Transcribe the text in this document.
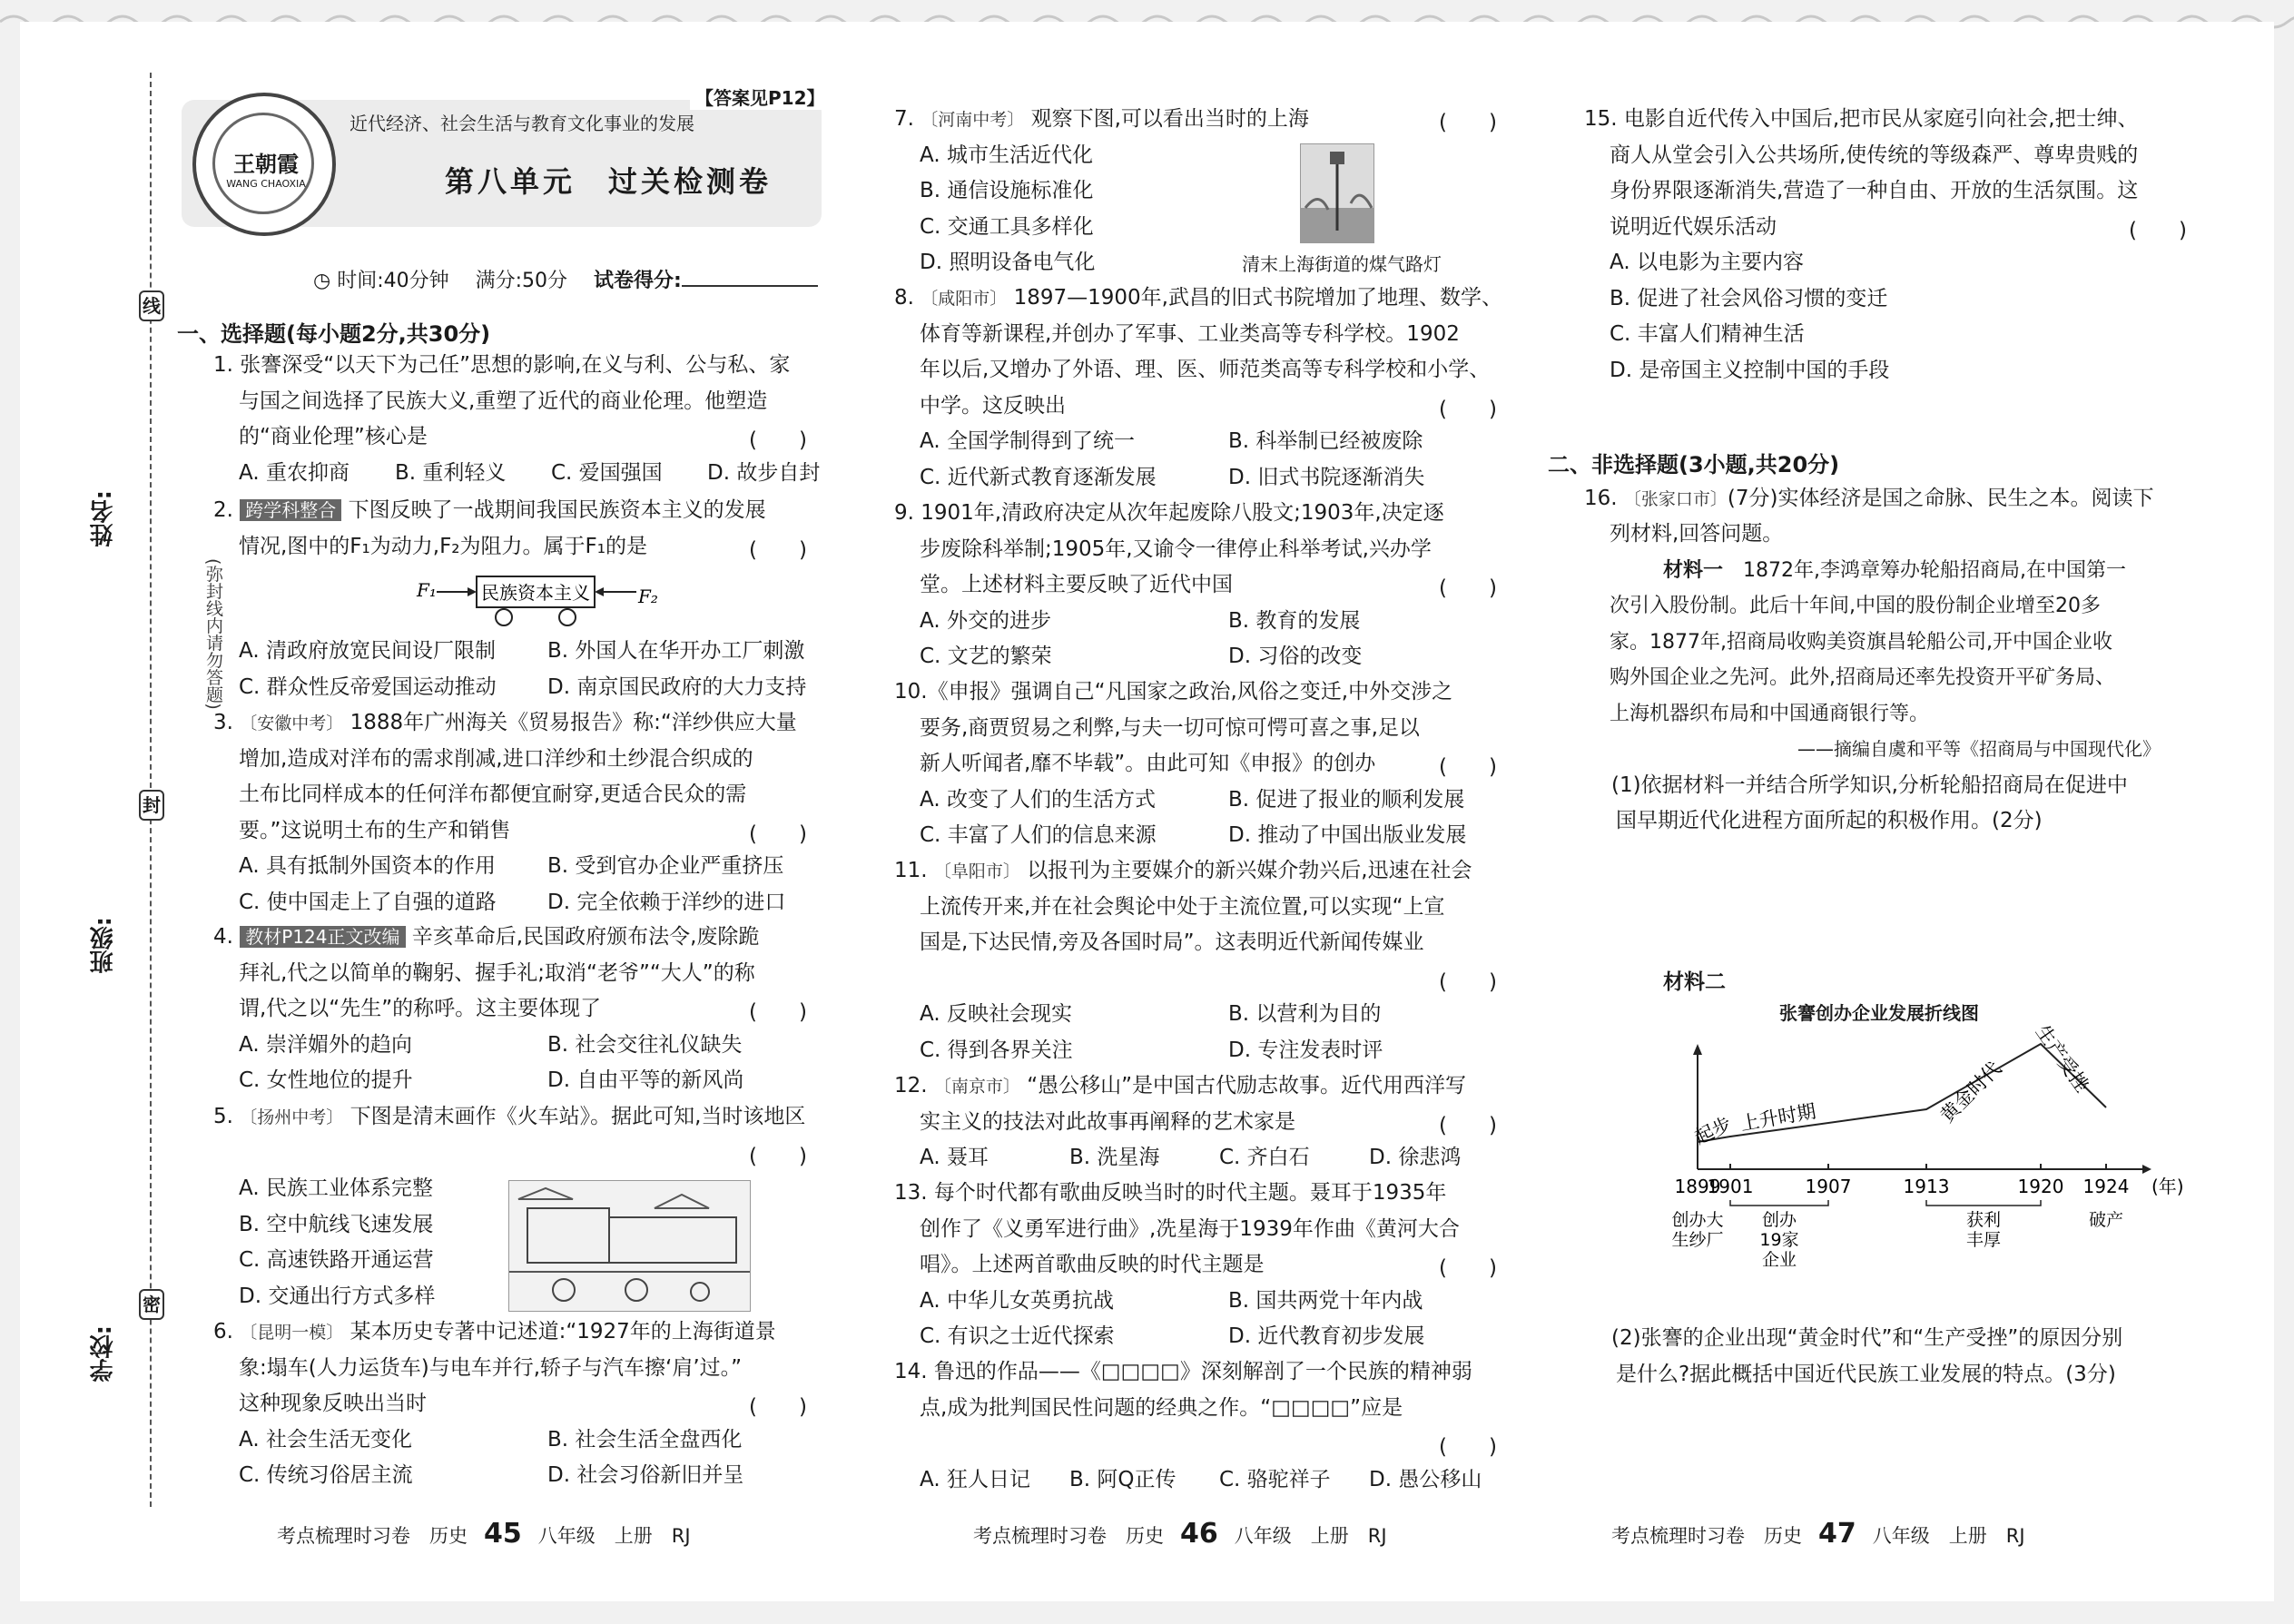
线
封
密
(弥封线内请勿答题)
姓名:
班级:
学校:
王朝霞
WANG CHAOXIA
近代经济、社会生活与教育文化事业的发展
第八单元　过关检测卷
【答案见P12】
◷ 时间:40分钟　 满分:50分　 试卷得分:
一、选择题(每小题2分,共30分)
1. 张謇深受“以天下为己任”思想的影响,在义与利、公与私、家
与国之间选择了民族大义,重塑了近代的商业伦理。他塑造
的“商业伦理”核心是	(　　)
A. 重农抑商 B. 重利轻义 C. 爱国强国 D. 故步自封
2. 跨学科整合 下图反映了一战期间我国民族资本主义的发展
情况,图中的F₁为动力,F₂为阻力。属于F₁的是	(　　)
A. 清政府放宽民间设厂限制 B. 外国人在华开办工厂刺激
C. 群众性反帝爱国运动推动 D. 南京国民政府的大力支持
3. 〔安徽中考〕 1888年广州海关《贸易报告》称:“洋纱供应大量
增加,造成对洋布的需求削减,进口洋纱和土纱混合织成的
土布比同样成本的任何洋布都便宜耐穿,更适合民众的需
要。”这说明土布的生产和销售	(　　)
A. 具有抵制外国资本的作用 B. 受到官办企业严重挤压
C. 使中国走上了自强的道路 D. 完全依赖于洋纱的进口
4. 教材P124正文改编 辛亥革命后,民国政府颁布法令,废除跪
拜礼,代之以简单的鞠躬、握手礼;取消“老爷”“大人”的称
谓,代之以“先生”的称呼。这主要体现了	(　　)
A. 崇洋媚外的趋向	B. 社会交往礼仪缺失
C. 女性地位的提升	D. 自由平等的新风尚
5. 〔扬州中考〕 下图是清末画作《火车站》。据此可知,当时该地区
(　　)
A. 民族工业体系完整
B. 空中航线飞速发展
C. 高速铁路开通运营
D. 交通出行方式多样
6. 〔昆明一模〕 某本历史专著中记述道:“1927年的上海街道景
象:塌车(人力运货车)与电车并行,轿子与汽车擦‘肩’过。”
这种现象反映出当时	(　　)
A. 社会生活无变化	B. 社会生活全盘西化
C. 传统习俗居主流	D. 社会习俗新旧并呈
7. 〔河南中考〕 观察下图,可以看出当时的上海	(　　)
A. 城市生活近代化
B. 通信设施标准化
C. 交通工具多样化
D. 照明设备电气化
8. 〔咸阳市〕 1897—1900年,武昌的旧式书院增加了地理、数学、
体育等新课程,并创办了军事、工业类高等专科学校。1902
年以后,又增办了外语、理、医、师范类高等专科学校和小学、
中学。这反映出	(　　)
A. 全国学制得到了统一	B. 科举制已经被废除
C. 近代新式教育逐渐发展	D. 旧式书院逐渐消失
9. 1901年,清政府决定从次年起废除八股文;1903年,决定逐
步废除科举制;1905年,又谕令一律停止科举考试,兴办学
堂。上述材料主要反映了近代中国	(　　)
A. 外交的进步	B. 教育的发展
C. 文艺的繁荣	D. 习俗的改变
10.《申报》强调自己“凡国家之政治,风俗之变迁,中外交涉之
要务,商贾贸易之利弊,与夫一切可惊可愕可喜之事,足以
新人听闻者,靡不毕载”。由此可知《申报》的创办	(　　)
A. 改变了人们的生活方式	B. 促进了报业的顺利发展
C. 丰富了人们的信息来源	D. 推动了中国出版业发展
11. 〔阜阳市〕 以报刊为主要媒介的新兴媒介勃兴后,迅速在社会
上流传开来,并在社会舆论中处于主流位置,可以实现“上宣
国是,下达民情,旁及各国时局”。这表明近代新闻传媒业
(　　)
A. 反映社会现实	B. 以营利为目的
C. 得到各界关注	D. 专注发表时评
12. 〔南京市〕 “愚公移山”是中国古代励志故事。近代用西洋写
实主义的技法对此故事再阐释的艺术家是	(　　)
A. 聂耳	B. 洗星海	C. 齐白石	D. 徐悲鸿
13. 每个时代都有歌曲反映当时的时代主题。聂耳于1935年
创作了《义勇军进行曲》,冼星海于1939年作曲《黄河大合
唱》。上述两首歌曲反映的时代主题是	(　　)
A. 中华儿女英勇抗战	B. 国共两党十年内战
C. 有识之士近代探索	D. 近代教育初步发展
14. 鲁迅的作品——《□□□□》深刻解剖了一个民族的精神弱
点,成为批判国民性问题的经典之作。“□□□□”应是
(　　)
A. 狂人日记 B. 阿Q正传 C. 骆驼祥子 D. 愚公移山
15. 电影自近代传入中国后,把市民从家庭引向社会,把士绅、
商人从堂会引入公共场所,使传统的等级森严、尊卑贵贱的
身份界限逐渐消失,营造了一种自由、开放的生活氛围。这
说明近代娱乐活动	(　　)
A. 以电影为主要内容
B. 促进了社会风俗习惯的变迁
C. 丰富人们精神生活
D. 是帝国主义控制中国的手段
二、非选择题(3小题,共20分)
16. 〔张家口市〕(7分)实体经济是国之命脉、民生之本。阅读下
列材料,回答问题。
材料一　1872年,李鸿章筹办轮船招商局,在中国第一
次引入股份制。此后十年间,中国的股份制企业增至20多
家。1877年,招商局收购美资旗昌轮船公司,开中国企业收
购外国企业之先河。此外,招商局还率先投资开平矿务局、
上海机器织布局和中国通商银行等。
——摘编自虞和平等《招商局与中国现代化》
(1)依据材料一并结合所学知识,分析轮船招商局在促进中
国早期近代化进程方面所起的积极作用。(2分)
(2)张謇的企业出现“黄金时代”和“生产受挫”的原因分别
是什么?据此概括中国近代民族工业发展的特点。(3分)
F₁ 民族资本主义	F₂
清末上海街道的煤气路灯
材料二
张謇创办企业发展折线图
1899
1901	1907	1913	1920 1924 (年)
起步 上升时期	黄金时代 生产受挫
创办大
生纱厂
创办
19家
企业
获利
丰厚
破产
考点梳理时习卷　历史 45 八年级　上册　RJ	考点梳理时习卷　历史 46 八年级　上册　RJ	考点梳理时习卷　历史 47 八年级　上册　RJ
